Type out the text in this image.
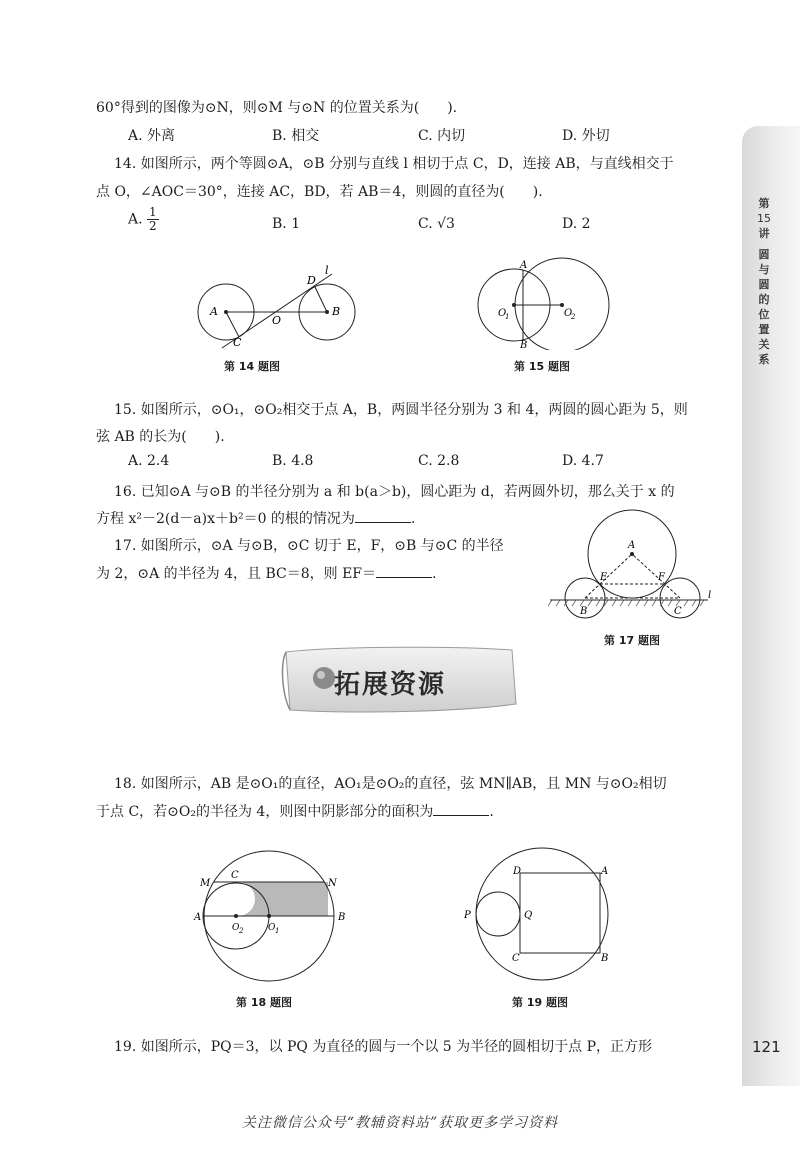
第
15
讲
圆
与
圆
的
位
置
关
系
60°得到的图像为⊙N，则⊙M 与⊙N 的位置关系为(　　).
A. 外离	B. 相交	C. 内切	D. 外切
14. 如图所示，两个等圆⊙A，⊙B 分别与直线 l 相切于点 C，D，连接 AB，与直线相交于
点 O，∠AOC＝30°，连接 AC，BD，若 AB＝4，则圆的直径为(　　).
A. $\frac{1}{2}$	B. 1	C. √3	D. 2
A	B
C
D
O
l
第 14 题图
A
B
O
1	O
2
第 15 题图
15. 如图所示，⊙O₁，⊙O₂相交于点 A，B，两圆半径分别为 3 和 4，两圆的圆心距为 5，则
弦 AB 的长为(　　).
A. 2.4	B. 4.8	C. 2.8	D. 4.7
16. 已知⊙A 与⊙B 的半径分别为 a 和 b(a＞b)，圆心距为 d，若两圆外切，那么关于 x 的
方程 x²－2(d－a)x＋b²＝0 的根的情况为	.
17. 如图所示，⊙A 与⊙B，⊙C 切于 E，F，⊙B 与⊙C 的半径
为 2，⊙A 的半径为 4，且 BC＝8，则 EF＝	.
A
B	C
E	F
l
第 17 题图
拓展资源
18. 如图所示，AB 是⊙O₁的直径，AO₁是⊙O₂的直径，弦 MN∥AB，且 MN 与⊙O₂相切
于点 C，若⊙O₂的半径为 4，则图中阴影部分的面积为	.
M	N
C
A	B
O 2	O 1
第 18 题图
D	A
P	Q
C	B
第 19 题图
19. 如图所示，PQ＝3，以 PQ 为直径的圆与一个以 5 为半径的圆相切于点 P，正方形	121
关注微信公众号“教辅资料站”获取更多学习资料
